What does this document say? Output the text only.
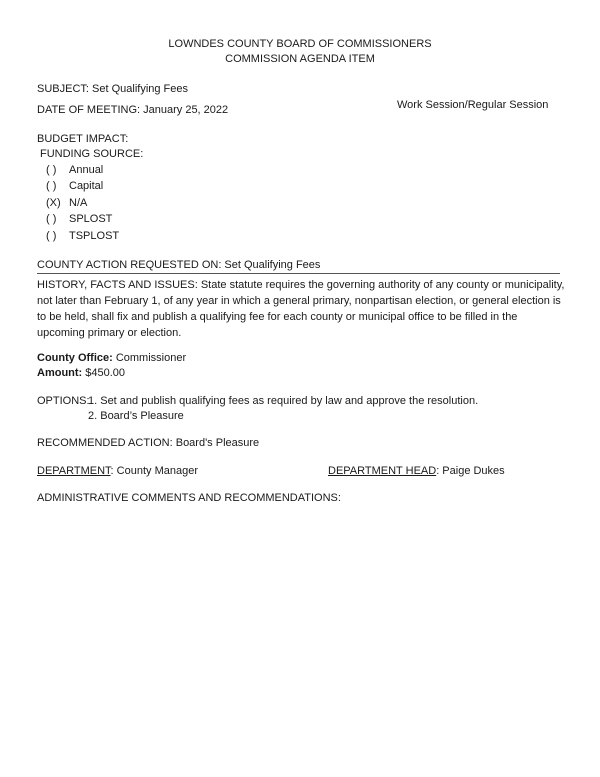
LOWNDES COUNTY BOARD OF COMMISSIONERS
COMMISSION AGENDA ITEM
SUBJECT: Set Qualifying Fees
DATE OF MEETING: January 25, 2022	Work Session/Regular Session
BUDGET IMPACT:
FUNDING SOURCE:
( ) Annual
( ) Capital
(X) N/A
( ) SPLOST
( ) TSPLOST
COUNTY ACTION REQUESTED ON: Set Qualifying Fees
HISTORY, FACTS AND ISSUES: State statute requires the governing authority of any county or municipality, not later than February 1, of any year in which a general primary, nonpartisan election, or general election is to be held, shall fix and publish a qualifying fee for each county or municipal office to be filled in the upcoming primary or election.
County Office: Commissioner
Amount: $450.00
OPTIONS:
1. Set and publish qualifying fees as required by law and approve the resolution.
2. Board’s Pleasure
RECOMMENDED ACTION: Board's Pleasure
DEPARTMENT: County Manager	DEPARTMENT HEAD: Paige Dukes
ADMINISTRATIVE COMMENTS AND RECOMMENDATIONS:
